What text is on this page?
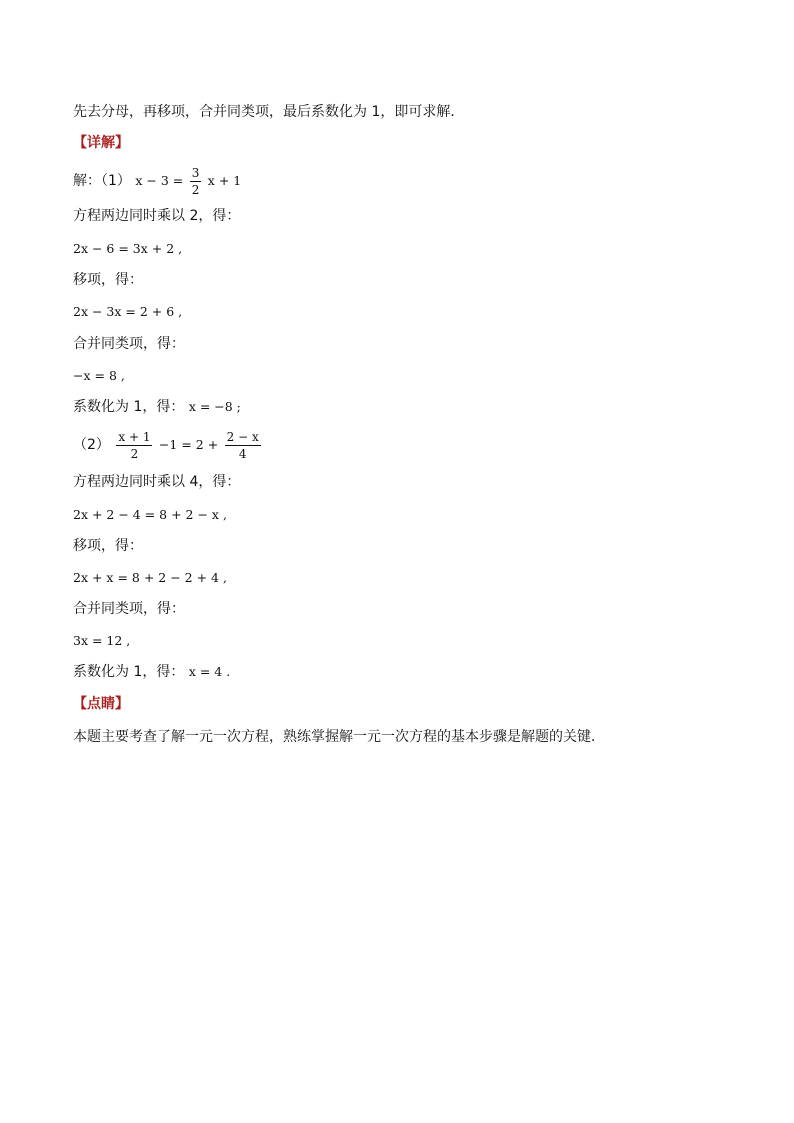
先去分母，再移项，合并同类项，最后系数化为 1，即可求解．
【详解】
解：（1） $x - 3 = \frac{3}{2}$ x + 1
方程两边同时乘以 2，得：
2x − 6 = 3x + 2 ,
移项，得：
2x − 3x = 2 + 6 ,
合并同类项，得：
−x = 8 ,
系数化为 1，得： x = −8 ;
$(2) \frac{x + 1}{2} -1 = 2 + \frac{2 - x}{4}$
方程两边同时乘以 4，得：
2x + 2 − 4 = 8 + 2 − x ,
移项，得：
2x + x = 8 + 2 − 2 + 4 ,
合并同类项，得：
3x = 12 ,
系数化为 1，得： x = 4 .
【点睛】
本题主要考查了解一元一次方程，熟练掌握解一元一次方程的基本步骤是解题的关键．
